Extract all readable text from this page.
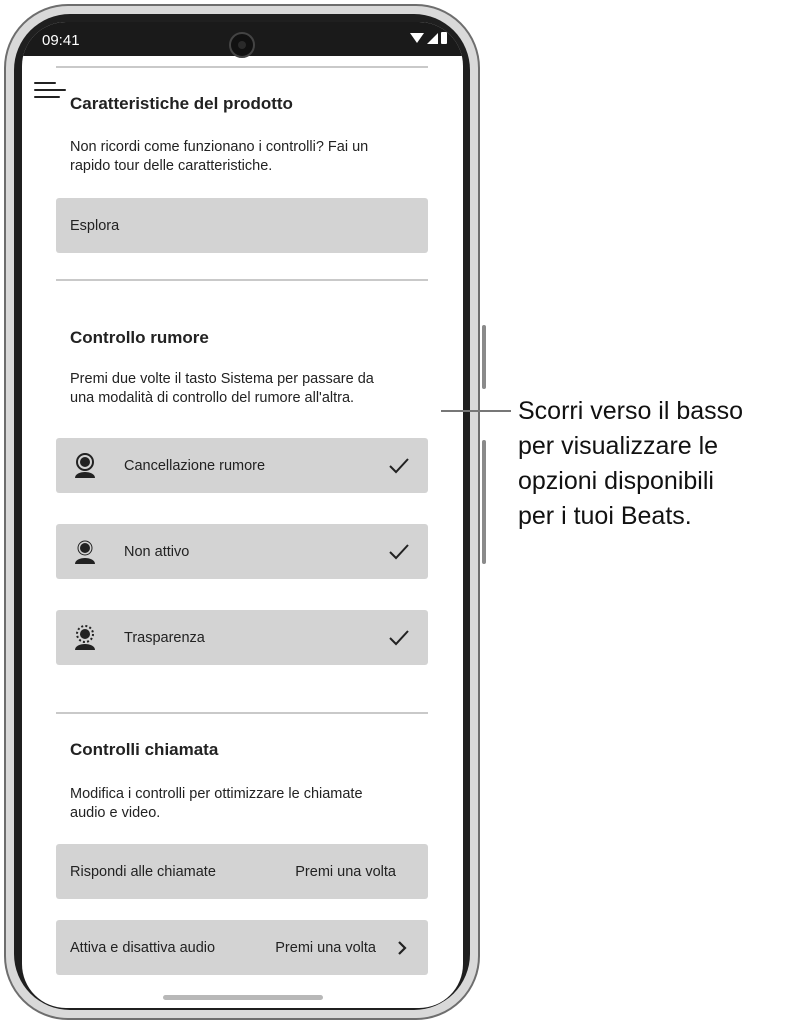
09:41
Caratteristiche del prodotto
Non ricordi come funzionano i controlli? Fai un
rapido tour delle caratteristiche.
Esplora
Controllo rumore
Premi due volte il tasto Sistema per passare da
una modalità di controllo del rumore all'altra.
Cancellazione rumore
Non attivo
Trasparenza
Controlli chiamata
Modifica i controlli per ottimizzare le chiamate
audio e video.
Rispondi alle chiamate	Premi una volta
Attiva e disattiva audio	Premi una volta
Scorri verso il basso
per visualizzare le
opzioni disponibili
per i tuoi Beats.
